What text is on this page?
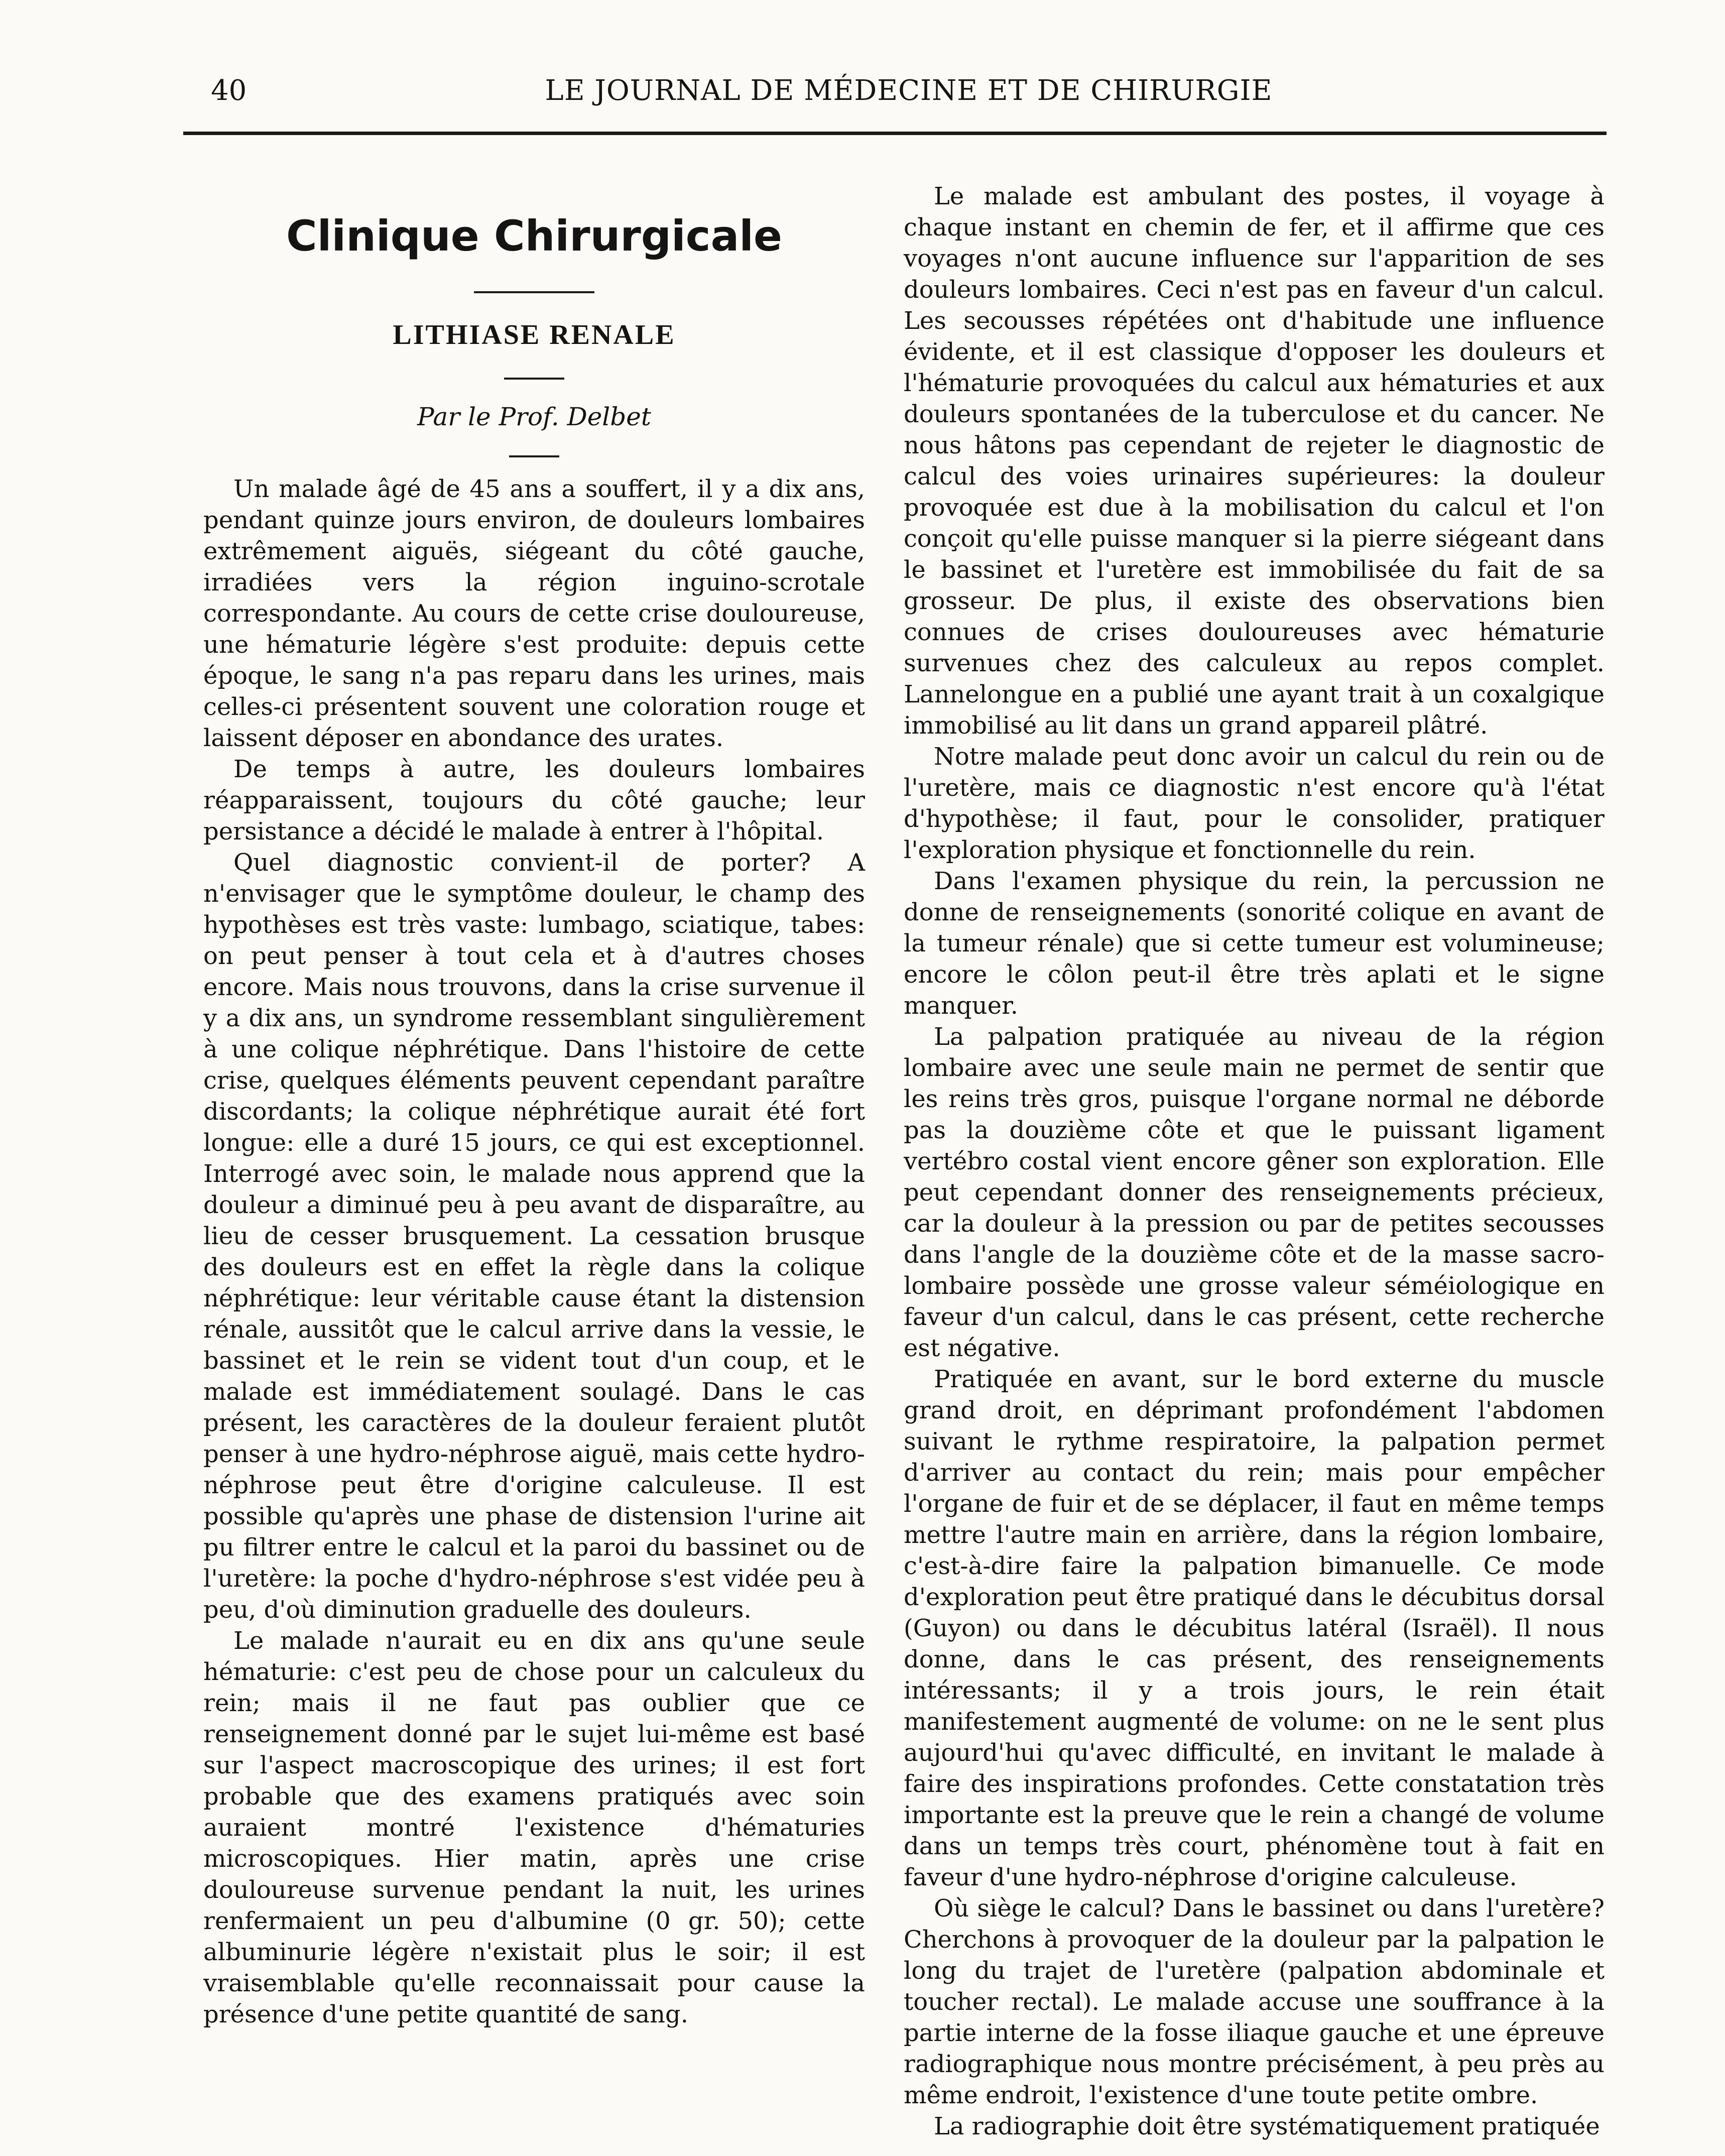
40	LE JOURNAL DE MÉDECINE ET DE CHIRURGIE
Clinique Chirurgicale
LITHIASE RENALE

Par le Prof. Delbet

Un malade âgé de 45 ans a souffert, il y a dix ans, pendant quinze jours environ, de douleurs lombaires extrêmement aiguës, siégeant du côté gauche, irradiées vers la région inguino-scrotale correspondante. Au cours de cette crise douloureuse, une hématurie légère s'est produite: depuis cette époque, le sang n'a pas reparu dans les urines, mais celles-ci présentent souvent une coloration rouge et laissent déposer en abondance des urates.

De temps à autre, les douleurs lombaires réapparaissent, toujours du côté gauche; leur persistance a décidé le malade à entrer à l'hôpital.

Quel diagnostic convient-il de porter? A n'envisager que le symptôme douleur, le champ des hypothèses est très vaste: lumbago, sciatique, tabes: on peut penser à tout cela et à d'autres choses encore. Mais nous trouvons, dans la crise survenue il y a dix ans, un syndrome ressemblant singulièrement à une colique néphrétique. Dans l'histoire de cette crise, quelques éléments peuvent cependant paraître discordants; la colique néphrétique aurait été fort longue: elle a duré 15 jours, ce qui est exceptionnel. Interrogé avec soin, le malade nous apprend que la douleur a diminué peu à peu avant de disparaître, au lieu de cesser brusquement. La cessation brusque des douleurs est en effet la règle dans la colique néphrétique: leur véritable cause étant la distension rénale, aussitôt que le calcul arrive dans la vessie, le bassinet et le rein se vident tout d'un coup, et le malade est immédiatement soulagé. Dans le cas présent, les caractères de la douleur feraient plutôt penser à une hydro-néphrose aiguë, mais cette hydro-néphrose peut être d'origine calculeuse. Il est possible qu'après une phase de distension l'urine ait pu filtrer entre le calcul et la paroi du bassinet ou de l'uretère: la poche d'hydro-néphrose s'est vidée peu à peu, d'où diminution graduelle des douleurs.

Le malade n'aurait eu en dix ans qu'une seule hématurie: c'est peu de chose pour un calculeux du rein; mais il ne faut pas oublier que ce renseignement donné par le sujet lui-même est basé sur l'aspect macroscopique des urines; il est fort probable que des examens pratiqués avec soin auraient montré l'existence d'hématuries microscopiques. Hier matin, après une crise douloureuse survenue pendant la nuit, les urines renfermaient un peu d'albumine (0 gr. 50); cette albuminurie légère n'existait plus le soir; il est vraisemblable qu'elle reconnaissait pour cause la présence d'une petite quantité de sang.

Le malade est ambulant des postes, il voyage à chaque instant en chemin de fer, et il affirme que ces voyages n'ont aucune influence sur l'apparition de ses douleurs lombaires. Ceci n'est pas en faveur d'un calcul. Les secousses répétées ont d'habitude une influence évidente, et il est classique d'opposer les douleurs et l'hématurie provoquées du calcul aux hématuries et aux douleurs spontanées de la tuberculose et du cancer. Ne nous hâtons pas cependant de rejeter le diagnostic de calcul des voies urinaires supérieures: la douleur provoquée est due à la mobilisation du calcul et l'on conçoit qu'elle puisse manquer si la pierre siégeant dans le bassinet et l'uretère est immobilisée du fait de sa grosseur. De plus, il existe des observations bien connues de crises douloureuses avec hématurie survenues chez des calculeux au repos complet. Lannelongue en a publié une ayant trait à un coxalgique immobilisé au lit dans un grand appareil plâtré.

Notre malade peut donc avoir un calcul du rein ou de l'uretère, mais ce diagnostic n'est encore qu'à l'état d'hypothèse; il faut, pour le consolider, pratiquer l'exploration physique et fonctionnelle du rein.

Dans l'examen physique du rein, la percussion ne donne de renseignements (sonorité colique en avant de la tumeur rénale) que si cette tumeur est volumineuse; encore le côlon peut-il être très aplati et le signe manquer.

La palpation pratiquée au niveau de la région lombaire avec une seule main ne permet de sentir que les reins très gros, puisque l'organe normal ne déborde pas la douzième côte et que le puissant ligament vertébro costal vient encore gêner son exploration. Elle peut cependant donner des renseignements précieux, car la douleur à la pression ou par de petites secousses dans l'angle de la douzième côte et de la masse sacro-lombaire possède une grosse valeur séméiologique en faveur d'un calcul, dans le cas présent, cette recherche est négative.

Pratiquée en avant, sur le bord externe du muscle grand droit, en déprimant profondément l'abdomen suivant le rythme respiratoire, la palpation permet d'arriver au contact du rein; mais pour empêcher l'organe de fuir et de se déplacer, il faut en même temps mettre l'autre main en arrière, dans la région lombaire, c'est-à-dire faire la palpation bimanuelle. Ce mode d'exploration peut être pratiqué dans le décubitus dorsal (Guyon) ou dans le décubitus latéral (Israël). Il nous donne, dans le cas présent, des renseignements intéressants; il y a trois jours, le rein était manifestement augmenté de volume: on ne le sent plus aujourd'hui qu'avec difficulté, en invitant le malade à faire des inspirations profondes. Cette constatation très importante est la preuve que le rein a changé de volume dans un temps très court, phénomène tout à fait en faveur d'une hydro-néphrose d'origine calculeuse.

Où siège le calcul? Dans le bassinet ou dans l'uretère? Cherchons à provoquer de la douleur par la palpation le long du trajet de l'uretère (palpation abdominale et toucher rectal). Le malade accuse une souffrance à la partie interne de la fosse iliaque gauche et une épreuve radiographique nous montre précisément, à peu près au même endroit, l'existence d'une toute petite ombre.

La radiographie doit être systématiquement pratiquée
